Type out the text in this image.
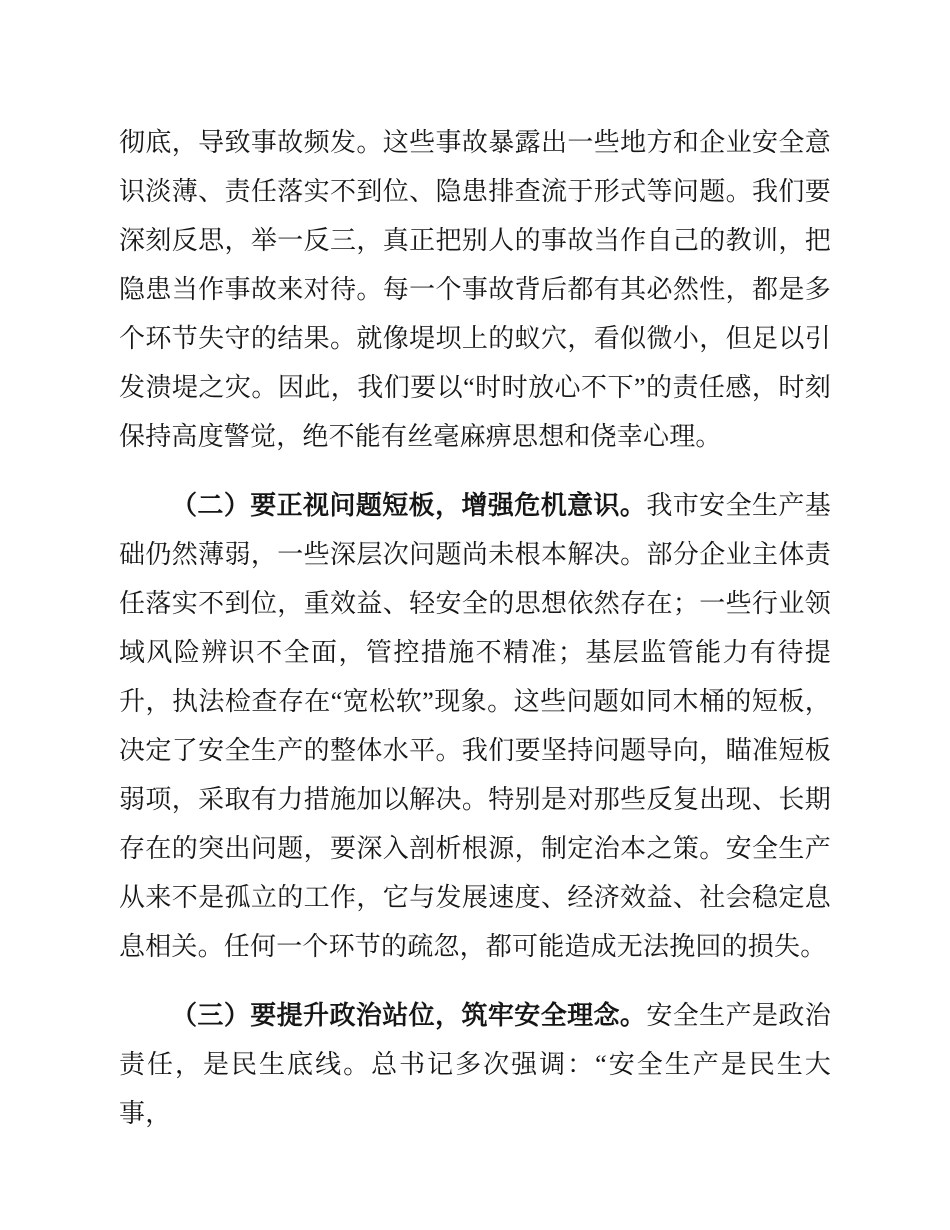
彻底，导致事故频发。这些事故暴露出一些地方和企业安全意识淡薄、责任落实不到位、隐患排查流于形式等问题。我们要深刻反思，举一反三，真正把别人的事故当作自己的教训，把隐患当作事故来对待。每一个事故背后都有其必然性，都是多个环节失守的结果。就像堤坝上的蚁穴，看似微小，但足以引发溃堤之灾。因此，我们要以“时时放心不下”的责任感，时刻保持高度警觉，绝不能有丝毫麻痹思想和侥幸心理。

（二）要正视问题短板，增强危机意识。我市安全生产基础仍然薄弱，一些深层次问题尚未根本解决。部分企业主体责任落实不到位，重效益、轻安全的思想依然存在；一些行业领域风险辨识不全面，管控措施不精准；基层监管能力有待提升，执法检查存在“宽松软”现象。这些问题如同木桶的短板，决定了安全生产的整体水平。我们要坚持问题导向，瞄准短板弱项，采取有力措施加以解决。特别是对那些反复出现、长期存在的突出问题，要深入剖析根源，制定治本之策。安全生产从来不是孤立的工作，它与发展速度、经济效益、社会稳定息息相关。任何一个环节的疏忽，都可能造成无法挽回的损失。

（三）要提升政治站位，筑牢安全理念。安全生产是政治责任，是民生底线。总书记多次强调：“安全生产是民生大事，
